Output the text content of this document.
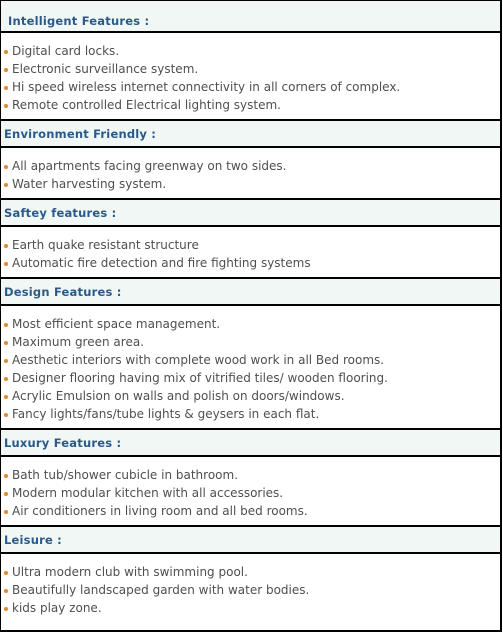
Intelligent Features :
Digital card locks.
Electronic surveillance system.
Hi speed wireless internet connectivity in all corners of complex.
Remote controlled Electrical lighting system.
Environment Friendly :
All apartments facing greenway on two sides.
Water harvesting system.
Saftey features :
Earth quake resistant structure
Automatic fire detection and fire fighting systems
Design Features :
Most efficient space management.
Maximum green area.
Aesthetic interiors with complete wood work in all Bed rooms.
Designer flooring having mix of vitrified tiles/ wooden flooring.
Acrylic Emulsion on walls and polish on doors/windows.
Fancy lights/fans/tube lights & geysers in each flat.
Luxury Features :
Bath tub/shower cubicle in bathroom.
Modern modular kitchen with all accessories.
Air conditioners in living room and all bed rooms.
Leisure :
Ultra modern club with swimming pool.
Beautifully landscaped garden with water bodies.
kids play zone.
